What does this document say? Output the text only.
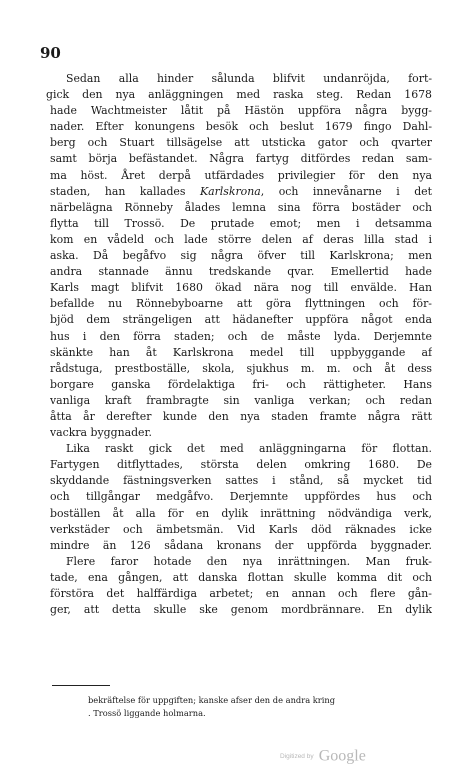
90
Sedan alla hinder sålunda blifvit undanröjda, fort-
gick den nya anläggningen med raska steg. Redan 1678
hade Wachtmeister låtit på Hästön uppföra några bygg-
nader. Efter konungens besök och beslut 1679 fingo Dahl-
berg och Stuart tillsägelse att utsticka gator och qvarter
samt börja befästandet. Några fartyg ditfördes redan sam-
ma höst. Året derpå utfärdades privilegier för den nya
staden, han kallades Karlskrona, och innevånarne i det
närbelägna Rönneby ålades lemna sina förra bostäder och
flytta till Trossö. De prutade emot; men i detsamma
kom en vådeld och lade större delen af deras lilla stad i
aska. Då begåfvo sig några öfver till Karlskrona; men
andra stannade ännu tredskande qvar. Emellertid hade
Karls magt blifvit 1680 ökad nära nog till envälde. Han
befallde nu Rönnebyboarne att göra flyttningen och för-
bjöd dem strängeligen att hädanefter uppföra något enda
hus i den förra staden; och de måste lyda. Derjemnte
skänkte han åt Karlskrona medel till uppbyggande af
rådstuga, prestboställe, skola, sjukhus m. m. och åt dess
borgare ganska fördelaktiga fri- och rättigheter. Hans
vanliga kraft frambragte sin vanliga verkan; och redan
åtta år derefter kunde den nya staden framte några rätt
vackra byggnader.
Lika raskt gick det med anläggningarna för flottan.
Fartygen ditflyttades, största delen omkring 1680. De
skyddande fästningsverken sattes i stånd, så mycket tid
och tillgångar medgåfvo. Derjemnte uppfördes hus och
boställen åt alla för en dylik inrättning nödvändiga verk,
verkstäder och ämbetsmän. Vid Karls död räknades icke
mindre än 126 sådana kronans der uppförda byggnader.
Flere faror hotade den nya inrättningen. Man fruk-
tade, ena gången, att danska flottan skulle komma dit och
förstöra det halffärdiga arbetet; en annan och flere gån-
ger, att detta skulle ske genom mordbrännare. En dylik
bekräftelse för uppgiften; kanske afser den de andra kring
. Trossö liggande holmarna.
Digitized by Google
